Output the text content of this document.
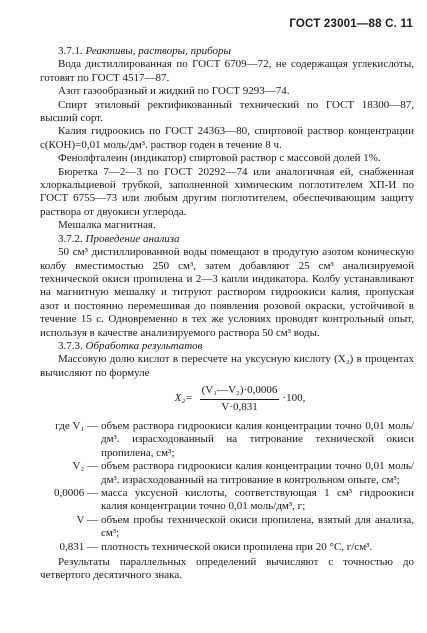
ГОСТ 23001—88 С. 11

3.7.1. Реактивы, растворы, приборы

Вода дистиллированная по ГОСТ 6709—72, не содержащая углекислоты, готовят по ГОСТ 4517—87.

Азот газообразный и жидкий по ГОСТ 9293—74.

Спирт этиловый ректификованный технический по ГОСТ 18300—87, высший сорт.

Калия гидроокись по ГОСТ 24363—80, спиртовой раствор концентрации с(КОН)=0,01 моль/дм³. раствор годен в течение 8 ч.

Фенолфталеин (индикатор) спиртовой раствор с массовой долей 1%.

Бюретка 7—2—3 по ГОСТ 20292—74 или аналогичная ей, снабженная хлоркальциевой трубкой, заполненной химическим поглотителем ХП-И по ГОСТ 6755—73 или любым другим поглотителем, обеспечивающим защиту раствора от двуокиси углерода.

Мешалка магнитная.

3.7.2. Проведение анализа

50 см³ дистиллированной воды помещают в продутую азотом коническую колбу вместимостью 250 см³, затем добавляют 25 см³ анализируемой технической окиси пропилена и 2—3 капли индикатора. Колбу устанавливают на магнитную мешалку и титруют раствором гидроокиси калия, пропуская азот и постоянно перемешивая до появления розовой окраски, устойчивой в течение 15 с. Одновременно в тех же условиях проводят контрольный опыт, используя в качестве анализируемого раствора 50 см³ воды.

3.7.3. Обработка результатов

Массовую долю кислот в пересчете на уксусную кислоту (X₂) в процентах вычисляют по формуле

$X_2= \frac{\text{(V₁—V₂)·0,0006}}{V\cdot 0,831} \cdot 100$,
где V₁ — объем раствора гидроокиси калия концентрации точно 0,01 моль/дм³. израсходованный на титрование технической окиси пропилена, см³;
V₂ — объем раствора гидроокиси калия концентрации точно 0,01 моль/дм³. израсходованный на титрование в контрольном опыте, см³;
0,0006 — масса уксусной кислоты, соответствующая 1 см³ гидроокиси калия концентрации точно 0,01 моль/дм³, г;
V — объем пробы технической окиси пропилена, взятый для анализа, см³;
0,831 — плотность технической окиси пропилена при 20 °С, г/см³.

Результаты параллельных определений вычисляют с точностью до четвертого десятичного знака.
